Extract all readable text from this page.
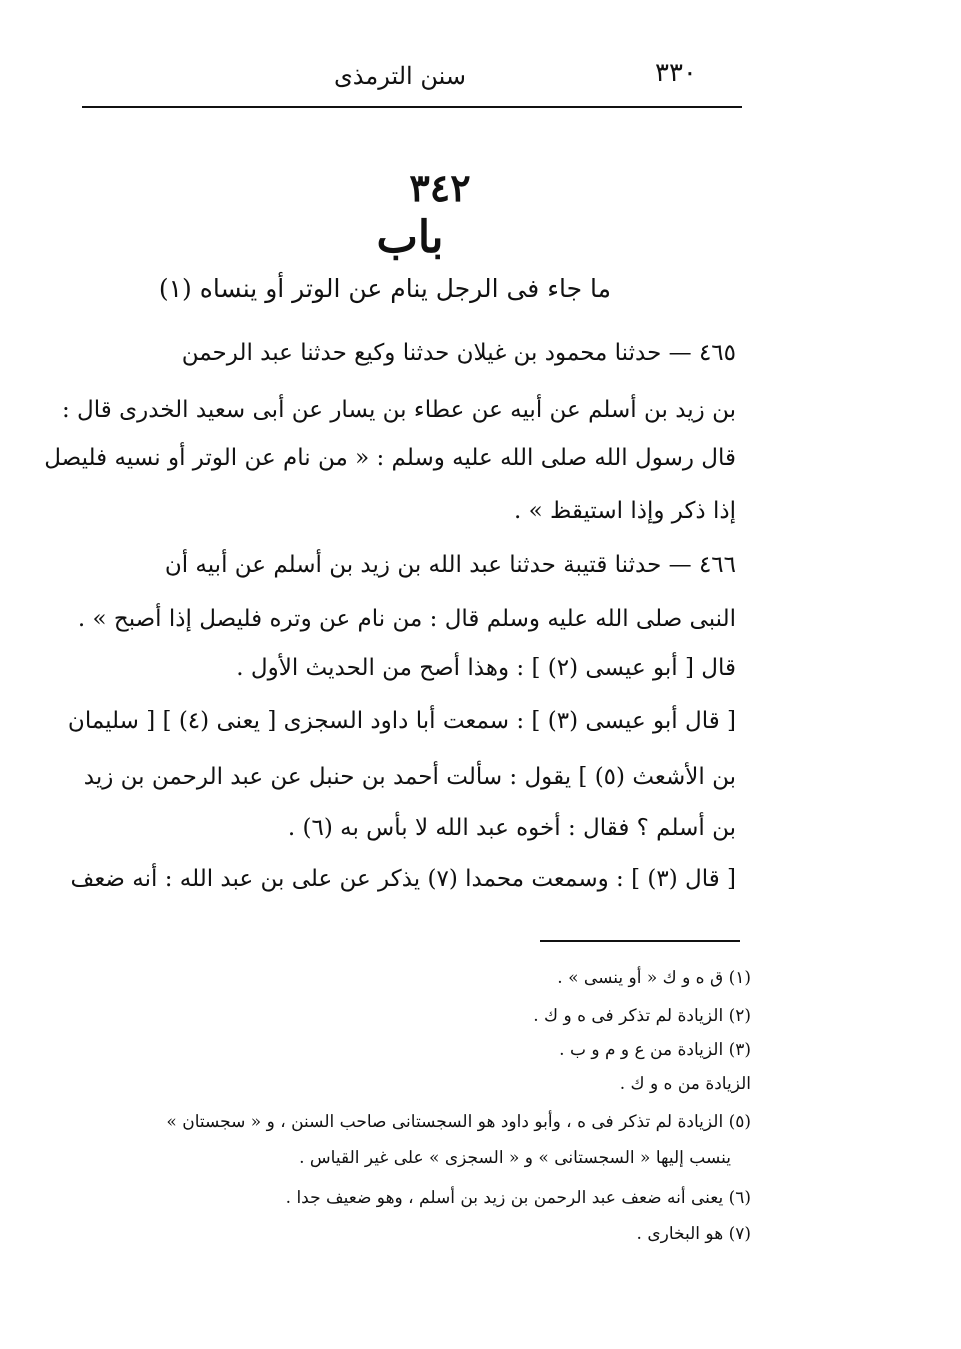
٣٣٠
سنن الترمذى
٣٤٢
باب
ما جاء فى الرجل ينام عن الوتر أو ينساه (١)
٤٦٥ — حدثنا محمود بن غيلان حدثنا وكيع حدثنا عبد الرحمن
بن زيد بن أسلم عن أبيه عن عطاء بن يسار عن أبى سعيد الخدرى قال :
قال رسول الله صلى الله عليه وسلم : « من نام عن الوتر أو نسيه فليصل
إذا ذكر وإذا استيقظ » .
٤٦٦ — حدثنا قتيبة حدثنا عبد الله بن زيد بن أسلم عن أبيه أن
النبى صلى الله عليه وسلم قال : من نام عن وتره فليصل إذا أصبح » .
قال [ أبو عيسى (٢) ] : وهذا أصح من الحديث الأول .
[ قال أبو عيسى (٣) ] : سمعت أبا داود السجزى [ يعنى (٤) ] [ سليمان
بن الأشعث (٥) ] يقول : سألت أحمد بن حنبل عن عبد الرحمن بن زيد
بن أسلم ؟ فقال : أخوه عبد الله لا بأس به (٦) .
[ قال (٣) ] : وسمعت محمدا (٧) يذكر عن على بن عبد الله : أنه ضعف
(١) ق ه و ك « أو ينسى » .
(٢) الزيادة لم تذكر فى ه و ك .
(٣) الزيادة من ع و م و ب .
الزيادة من ه و ك .
(٥) الزيادة لم تذكر فى ه ، وأبو داود هو السجستانى صاحب السنن ، و « سجستان »
ينسب إليها « السجستانى » و « السجزى » على غير القياس .
(٦) يعنى أنه ضعف عبد الرحمن بن زيد بن أسلم ، وهو ضعيف جدا .
(٧) هو البخارى .
